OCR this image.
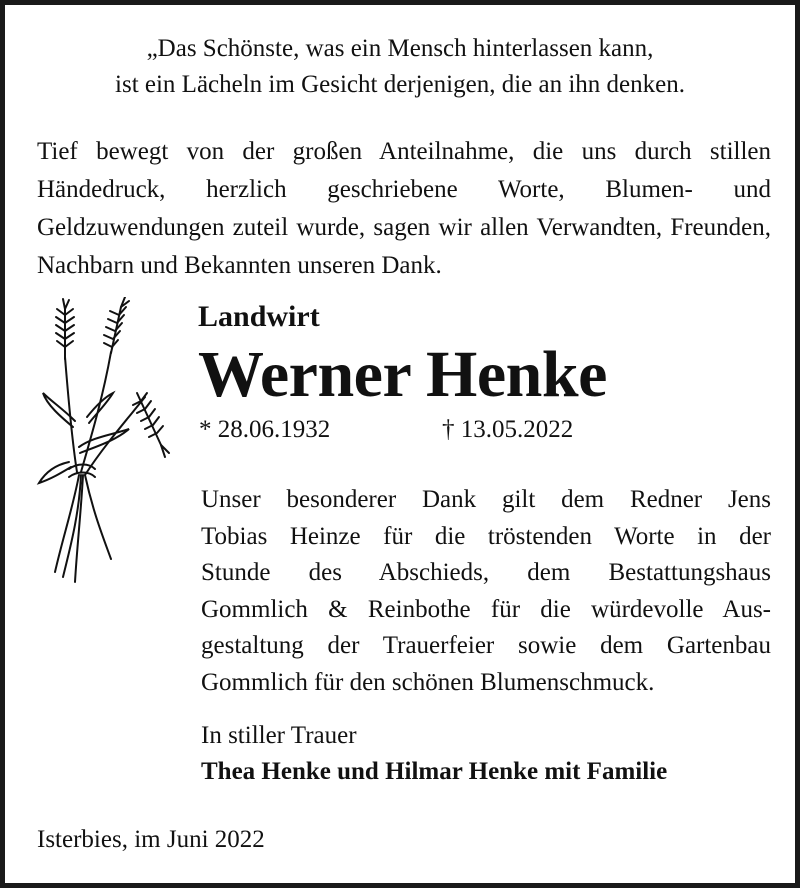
„Das Schönste, was ein Mensch hinterlassen kann,
ist ein Lächeln im Gesicht derjenigen, die an ihn denken.
Tief bewegt von der großen Anteilnahme, die uns durch stillen Händedruck, herzlich geschriebene Worte, Blumen- und Geldzuwendungen zuteil wurde, sagen wir allen Verwandten, Freunden, Nachbarn und Bekannten unseren Dank.
Landwirt
Werner Henke
* 28.06.1932	† 13.05.2022
Unser besonderer Dank gilt dem Redner Jens
Tobias Heinze für die tröstenden Worte in der
Stunde des Abschieds, dem Bestattungshaus
Gommlich & Reinbothe für die würdevolle Aus-
gestaltung der Trauerfeier sowie dem Gartenbau
Gommlich für den schönen Blumenschmuck.
In stiller Trauer
Thea Henke und Hilmar Henke mit Familie
Isterbies, im Juni 2022
